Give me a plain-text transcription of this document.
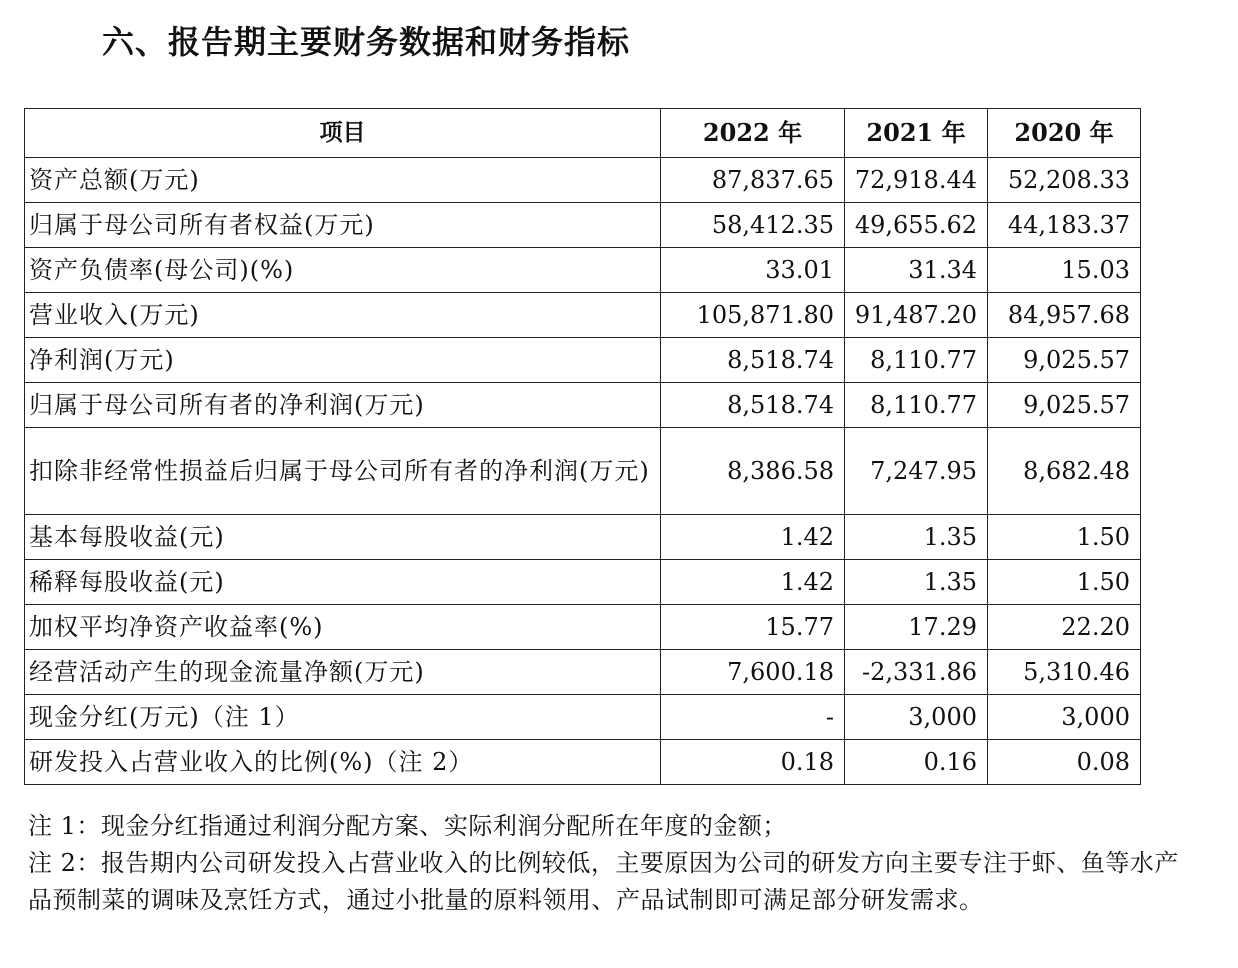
六、报告期主要财务数据和财务指标
项目	2022 年	2021 年	2020 年
资产总额(万元)	87,837.65	72,918.44	52,208.33
归属于母公司所有者权益(万元)	58,412.35	49,655.62	44,183.37
资产负债率(母公司)(%)	33.01	31.34	15.03
营业收入(万元)	105,871.80	91,487.20	84,957.68
净利润(万元)	8,518.74	8,110.77	9,025.57
归属于母公司所有者的净利润(万元)	8,518.74	8,110.77	9,025.57
扣除非经常性损益后归属于母公司所有者的净利润(万元)	8,386.58	7,247.95	8,682.48
基本每股收益(元)	1.42	1.35	1.50
稀释每股收益(元)	1.42	1.35	1.50
加权平均净资产收益率(%)	15.77	17.29	22.20
经营活动产生的现金流量净额(万元)	7,600.18	-2,331.86	5,310.46
现金分红(万元)（注 1）	-	3,000	3,000
研发投入占营业收入的比例(%)（注 2）	0.18	0.16	0.08

注 1：现金分红指通过利润分配方案、实际利润分配所在年度的金额；

注 2：报告期内公司研发投入占营业收入的比例较低，主要原因为公司的研发方向主要专注于虾、鱼等水产品预制菜的调味及烹饪方式，通过小批量的原料领用、产品试制即可满足部分研发需求。
